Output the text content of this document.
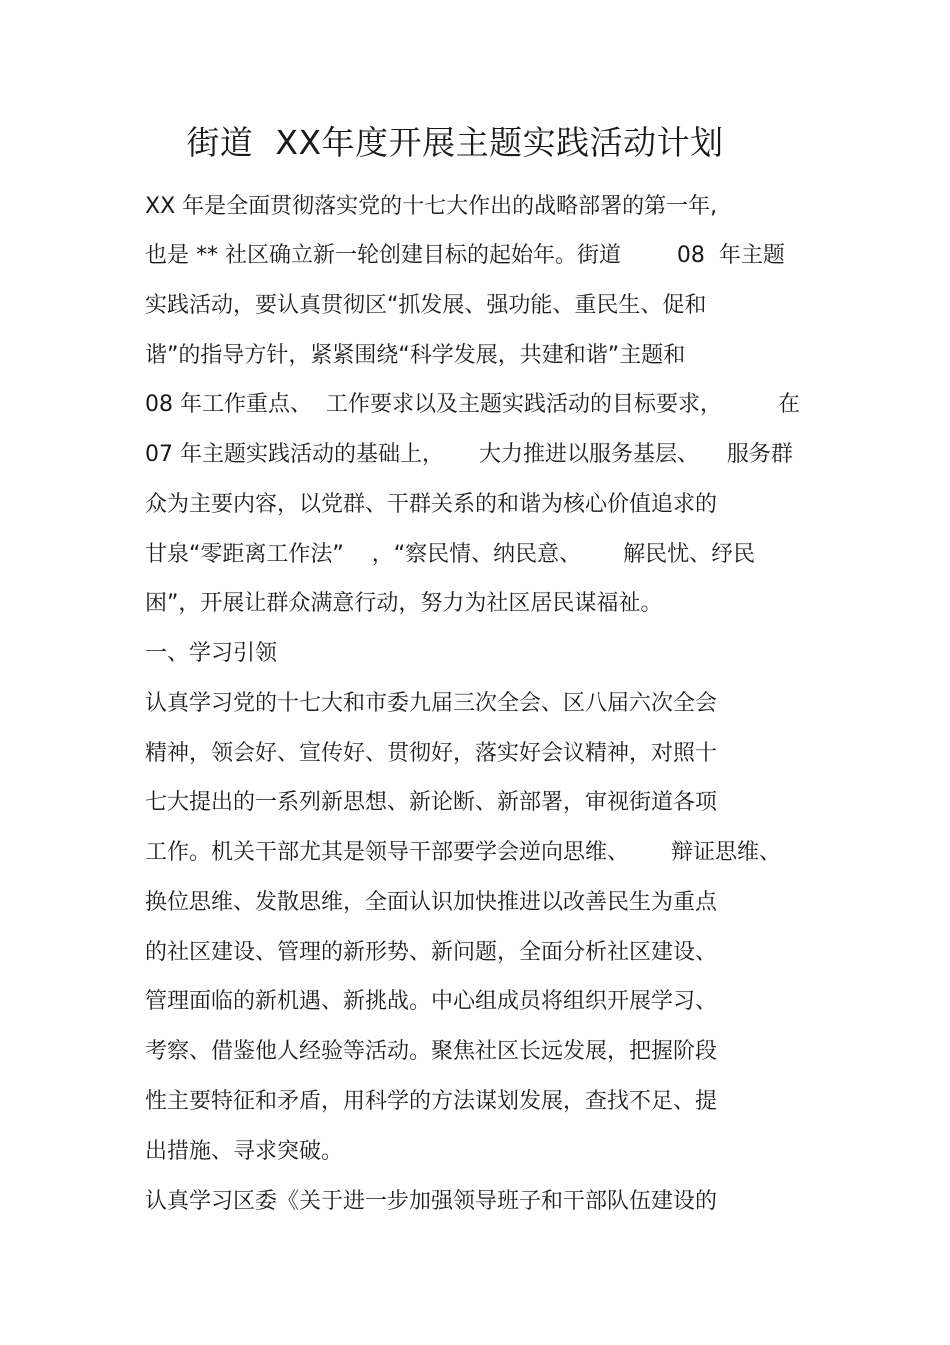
街道  XX年度开展主题实践活动计划
XX 年是全面贯彻落实党的十七大作出的战略部署的第一年,
也是 ** 社区确立新一轮创建目标的起始年。街道        08  年主题
实践活动，要认真贯彻区“抓发展、强功能、重民生、促和
谐”的指导方针，紧紧围绕“科学发展，共建和谐”主题和
08 年工作重点、  工作要求以及主题实践活动的目标要求，        在
07 年主题实践活动的基础上，     大力推进以服务基层、    服务群
众为主要内容，以党群、干群关系的和谐为核心价值追求的
甘泉“零距离工作法”    ，“察民情、纳民意、      解民忧、纾民
困”，开展让群众满意行动，努力为社区居民谋福祉。
一、学习引领
认真学习党的十七大和市委九届三次全会、区八届六次全会
精神，领会好、宣传好、贯彻好，落实好会议精神，对照十
七大提出的一系列新思想、新论断、新部署，审视街道各项
工作。机关干部尤其是领导干部要学会逆向思维、      辩证思维、
换位思维、发散思维，全面认识加快推进以改善民生为重点
的社区建设、管理的新形势、新问题，全面分析社区建设、
管理面临的新机遇、新挑战。中心组成员将组织开展学习、
考察、借鉴他人经验等活动。聚焦社区长远发展，把握阶段
性主要特征和矛盾，用科学的方法谋划发展，查找不足、提
出措施、寻求突破。
认真学习区委《关于进一步加强领导班子和干部队伍建设的
